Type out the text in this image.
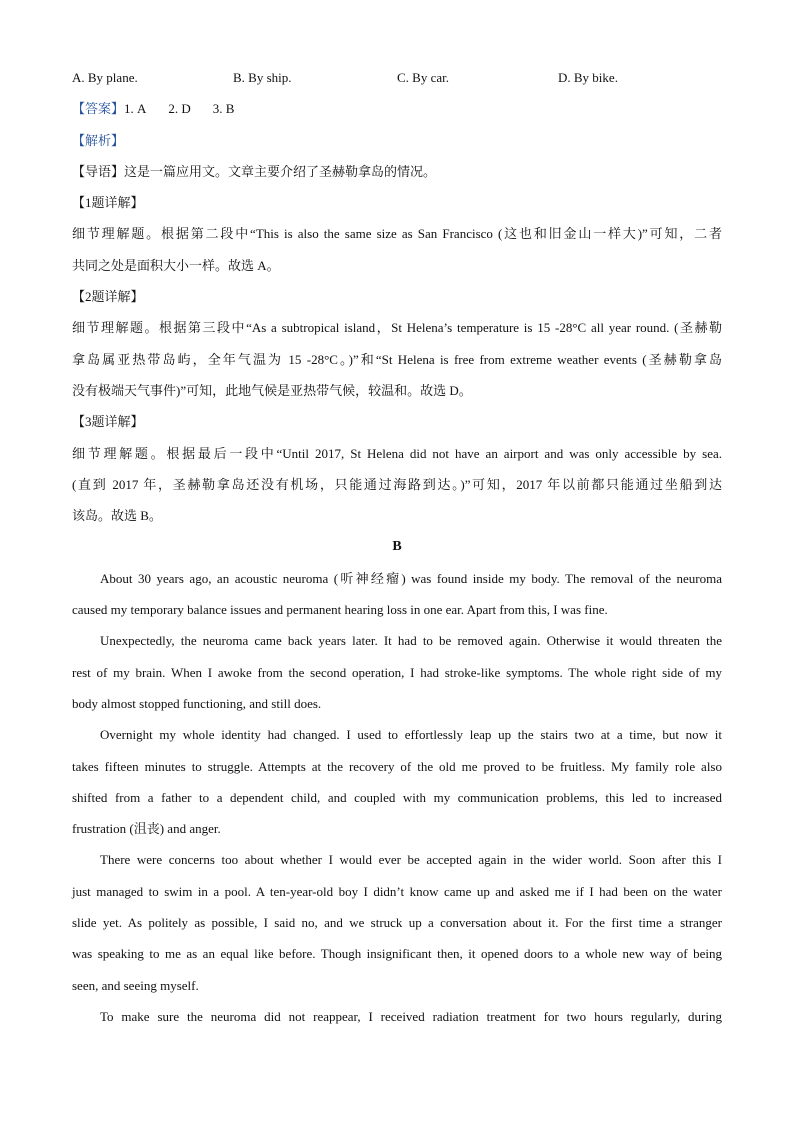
A. By plane.	B. By ship.	C. By car.	D. By bike.
【答案】1. A 2. D 3. B
【解析】
【导语】这是一篇应用文。文章主要介绍了圣赫勒拿岛的情况。
【1题详解】
细节理解题。根据第二段中“This is also the same size as San Francisco (这也和旧金山一样大)”可知，二者
共同之处是面积大小一样。故选 A。
【2题详解】
细节理解题。根据第三段中“As a subtropical island，St Helena’s temperature is 15 -28°C all year round. (圣赫勒
拿岛属亚热带岛屿，全年气温为 15 -28°C。)”和“St Helena is free from extreme weather events (圣赫勒拿岛
没有极端天气事件)”可知，此地气候是亚热带气候，较温和。故选 D。
【3题详解】
细节理解题。根据最后一段中“Until 2017, St Helena did not have an airport and was only accessible by sea.
(直到 2017 年，圣赫勒拿岛还没有机场，只能通过海路到达。)”可知，2017 年以前都只能通过坐船到达
该岛。故选 B。
B
About 30 years ago, an acoustic neuroma (听神经瘤) was found inside my body. The removal of the neuroma
caused my temporary balance issues and permanent hearing loss in one ear. Apart from this, I was fine.
Unexpectedly, the neuroma came back years later. It had to be removed again. Otherwise it would threaten the
rest of my brain. When I awoke from the second operation, I had stroke-like symptoms. The whole right side of my
body almost stopped functioning, and still does.
Overnight my whole identity had changed. I used to effortlessly leap up the stairs two at a time, but now it
takes fifteen minutes to struggle. Attempts at the recovery of the old me proved to be fruitless. My family role also
shifted from a father to a dependent child, and coupled with my communication problems, this led to increased
frustration (沮丧) and anger.
There were concerns too about whether I would ever be accepted again in the wider world. Soon after this I
just managed to swim in a pool. A ten-year-old boy I didn’t know came up and asked me if I had been on the water
slide yet. As politely as possible, I said no, and we struck up a conversation about it. For the first time a stranger
was speaking to me as an equal like before. Though insignificant then, it opened doors to a whole new way of being
seen, and seeing myself.
To make sure the neuroma did not reappear, I received radiation treatment for two hours regularly, during
